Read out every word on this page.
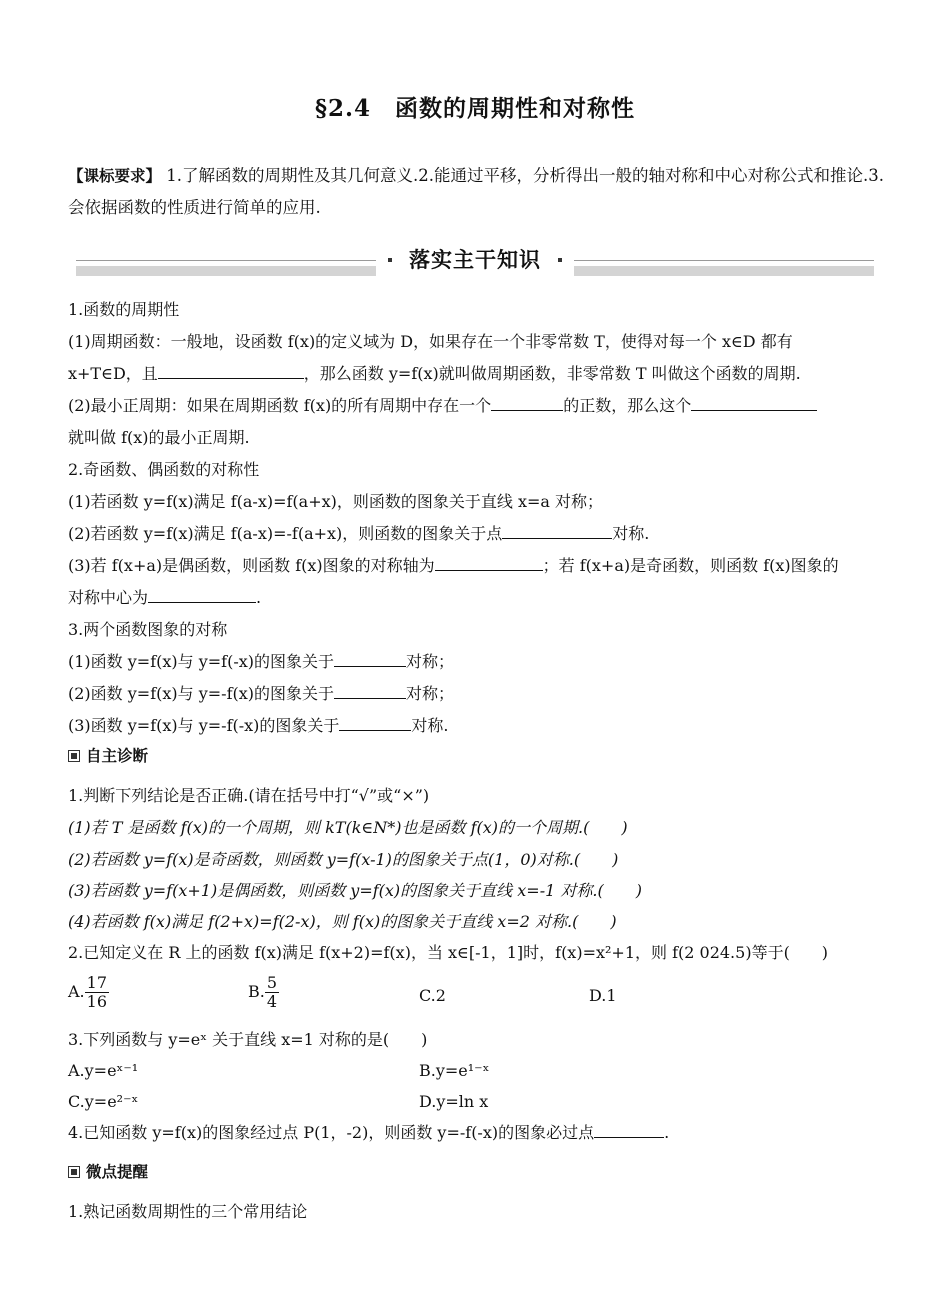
§2.4　函数的周期性和对称性
【课标要求】 1.了解函数的周期性及其几何意义.2.能通过平移，分析得出一般的轴对称和中心对称公式和推论.3.会依据函数的性质进行简单的应用.
落实主干知识
1.函数的周期性
(1)周期函数：一般地，设函数 f(x)的定义域为 D，如果存在一个非零常数 T，使得对每一个 x∈D 都有
x+T∈D，且	，那么函数 y=f(x)就叫做周期函数，非零常数 T 叫做这个函数的周期.
(2)最小正周期：如果在周期函数 f(x)的所有周期中存在一个	的正数，那么这个
就叫做 f(x)的最小正周期.
2.奇函数、偶函数的对称性
(1)若函数 y=f(x)满足 f(a-x)=f(a+x)，则函数的图象关于直线 x=a 对称；
(2)若函数 y=f(x)满足 f(a-x)=-f(a+x)，则函数的图象关于点	对称.
(3)若 f(x+a)是偶函数，则函数 f(x)图象的对称轴为	；若 f(x+a)是奇函数，则函数 f(x)图象的
对称中心为	.
3.两个函数图象的对称
(1)函数 y=f(x)与 y=f(-x)的图象关于	对称；
(2)函数 y=f(x)与 y=-f(x)的图象关于	对称；
(3)函数 y=f(x)与 y=-f(-x)的图象关于	对称.
自主诊断
1.判断下列结论是否正确.(请在括号中打“√”或“×”)
(1)若 T 是函数 f(x)的一个周期，则 kT(k∈N*)也是函数 f(x)的一个周期.(　　)
(2)若函数 y=f(x)是奇函数，则函数 y=f(x-1)的图象关于点(1，0)对称.(　　)
(3)若函数 y=f(x+1)是偶函数，则函数 y=f(x)的图象关于直线 x=-1 对称.(　　)
(4)若函数 f(x)满足 f(2+x)=f(2-x)，则 f(x)的图象关于直线 x=2 对称.(　　)
2.已知定义在 R 上的函数 f(x)满足 f(x+2)=f(x)，当 x∈[-1，1]时，f(x)=x²+1，则 f(2 024.5)等于(　　)
A. $\frac{17}{16}$	B. $\frac{5}{4}$	C.2	D.1
3.下列函数与 y=eˣ 关于直线 x=1 对称的是(　　)
A.y=eˣ⁻¹	B.y=e¹⁻ˣ
C.y=e²⁻ˣ	D.y=ln x
4.已知函数 y=f(x)的图象经过点 P(1，-2)，则函数 y=-f(-x)的图象必过点	.
微点提醒
1.熟记函数周期性的三个常用结论
